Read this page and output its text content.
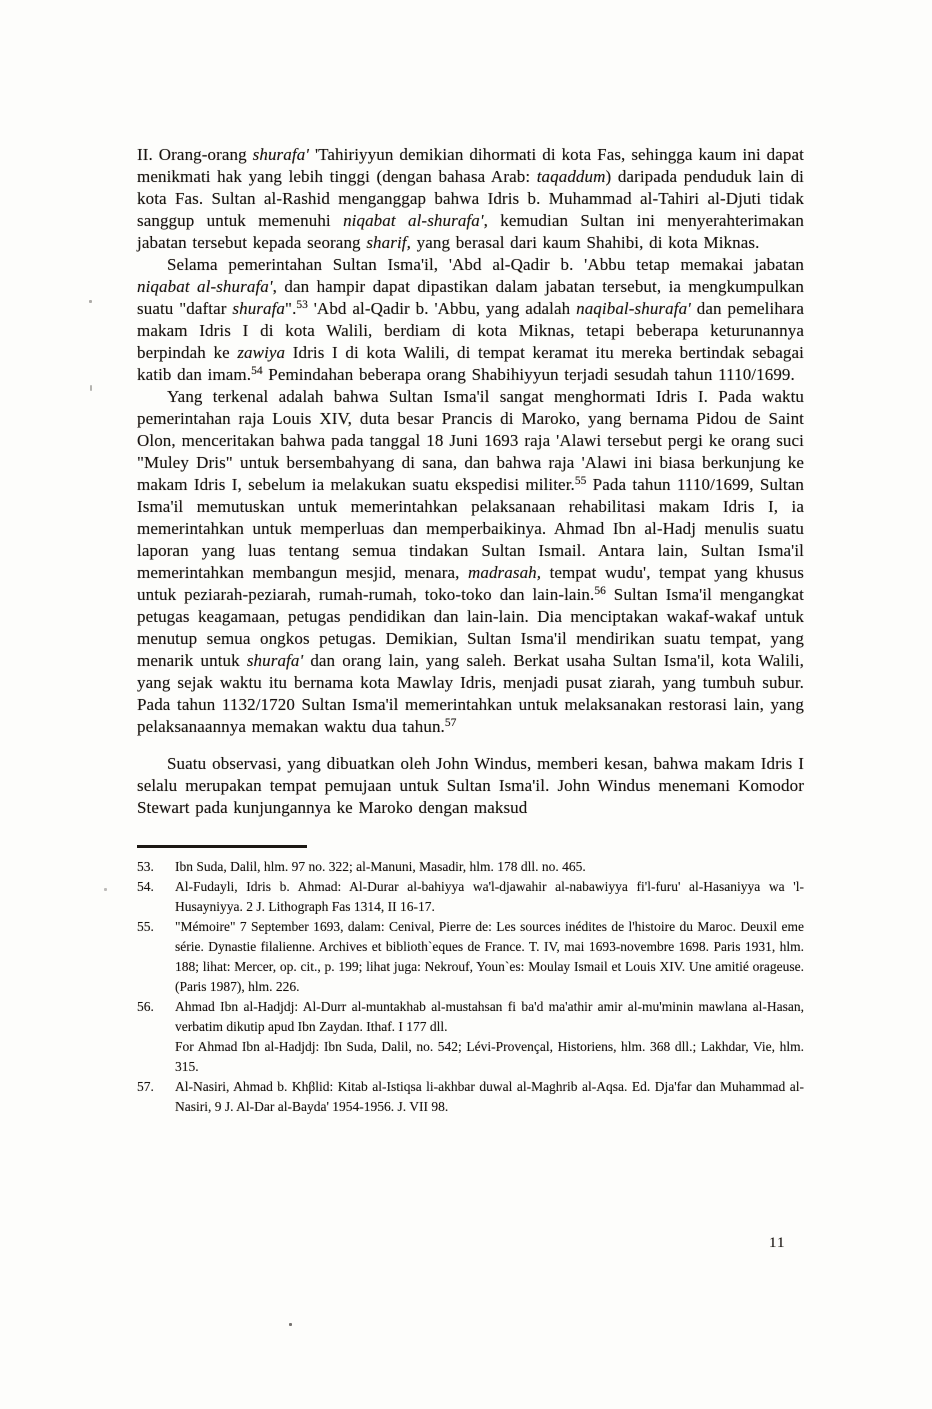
II. Orang-orang shurafa' 'Tahiriyyun demikian dihormati di kota Fas, sehingga kaum ini dapat menikmati hak yang lebih tinggi (dengan bahasa Arab: taqaddum) daripada penduduk lain di kota Fas. Sultan al-Rashid menganggap bahwa Idris b. Muhammad al-Tahiri al-Djuti tidak sanggup untuk memenuhi niqabat al-shurafa', kemudian Sultan ini menyerahterimakan jabatan tersebut kepada seorang sharif, yang berasal dari kaum Shahibi, di kota Miknas.

Selama pemerintahan Sultan Isma'il, 'Abd al-Qadir b. 'Abbu tetap memakai jabatan niqabat al-shurafa', dan hampir dapat dipastikan dalam jabatan tersebut, ia mengkumpulkan suatu "daftar shurafa".$^{53}$ 'Abd al-Qadir b. 'Abbu, yang adalah naqibal-shurafa' dan pemelihara makam Idris I di kota Walili, berdiam di kota Miknas, tetapi beberapa keturunannya berpindah ke zawiya Idris I di kota Walili, di tempat keramat itu mereka bertindak sebagai katib dan imam.$^{54}$ Pemindahan beberapa orang Shabihiyyun terjadi sesudah tahun 1110/1699.

Yang terkenal adalah bahwa Sultan Isma'il sangat menghormati Idris I. Pada waktu pemerintahan raja Louis XIV, duta besar Prancis di Maroko, yang bernama Pidou de Saint Olon, menceritakan bahwa pada tanggal 18 Juni 1693 raja 'Alawi tersebut pergi ke orang suci "Muley Dris" untuk bersembahyang di sana, dan bahwa raja 'Alawi ini biasa berkunjung ke makam Idris I, sebelum ia melakukan suatu ekspedisi militer.$^{55}$ Pada tahun 1110/1699, Sultan Isma'il memutuskan untuk memerintahkan pelaksanaan rehabilitasi makam Idris I, ia memerintahkan untuk memperluas dan memperbaikinya. Ahmad Ibn al-Hadj menulis suatu laporan yang luas tentang semua tindakan Sultan Ismail. Antara lain, Sultan Isma'il memerintahkan membangun mesjid, menara, madrasah, tempat wudu', tempat yang khusus untuk peziarah-peziarah, rumah-rumah, toko-toko dan lain-lain.$^{56}$ Sultan Isma'il mengangkat petugas keagamaan, petugas pendidikan dan lain-lain. Dia menciptakan wakaf-wakaf untuk menutup semua ongkos petugas. Demikian, Sultan Isma'il mendirikan suatu tempat, yang menarik untuk shurafa' dan orang lain, yang saleh. Berkat usaha Sultan Isma'il, kota Walili, yang sejak waktu itu bernama kota Mawlay Idris, menjadi pusat ziarah, yang tumbuh subur. Pada tahun 1132/1720 Sultan Isma'il memerintahkan untuk melaksanakan restorasi lain, yang pelaksanaannya memakan waktu dua tahun.$^{57}$

Suatu observasi, yang dibuatkan oleh John Windus, memberi kesan, bahwa makam Idris I selalu merupakan tempat pemujaan untuk Sultan Isma'il. John Windus menemani Komodor Stewart pada kunjungannya ke Maroko dengan maksud

53.	Ibn Suda, Dalil, hlm. 97 no. 322; al-Manuni, Masadir, hlm. 178 dll. no. 465.

54.	Al-Fudayli, Idris b. Ahmad: Al-Durar al-bahiyya wa'l-djawahir al-nabawiyya fi'l-furu' al-Hasaniyya wa 'l-Husayniyya. 2 J. Lithograph Fas 1314, II 16-17.

55.	"Mémoire" 7 September 1693, dalam: Cenival, Pierre de: Les sources inédites de l'histoire du Maroc. Deuxil eme série. Dynastie filalienne. Archives et biblioth`eques de France. T. IV, mai 1693-novembre 1698. Paris 1931, hlm. 188; lihat: Mercer, op. cit., p. 199; lihat juga: Nekrouf, Youn`es: Moulay Ismail et Louis XIV. Une amitié orageuse. (Paris 1987), hlm. 226.

56.	Ahmad Ibn al-Hadjdj: Al-Durr al-muntakhab al-mustahsan fi ba'd ma'athir amir al-mu'minin mawlana al-Hasan, verbatim dikutip apud Ibn Zaydan. Ithaf. I 177 dll.

For Ahmad Ibn al-Hadjdj: Ibn Suda, Dalil, no. 542; Lévi-Provençal, Historiens, hlm. 368 dll.; Lakhdar, Vie, hlm. 315.

57.	Al-Nasiri, Ahmad b. Khβlid: Kitab al-Istiqsa li-akhbar duwal al-Maghrib al-Aqsa. Ed. Dja'far dan Muhammad al-Nasiri, 9 J. Al-Dar al-Bayda' 1954-1956. J. VII 98.

11
